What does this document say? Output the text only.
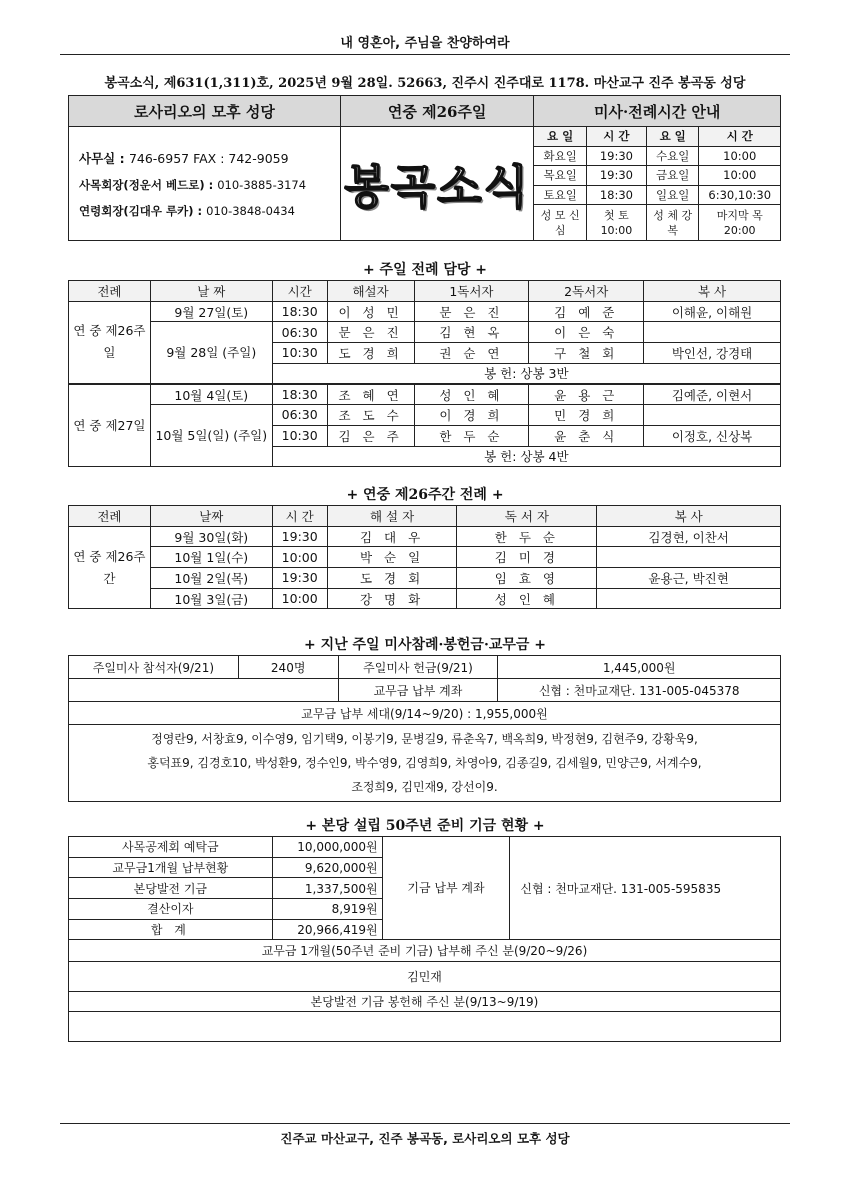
내 영혼아, 주님을 찬양하여라
봉곡소식, 제631(1,311)호, 2025년 9월 28일. 52663, 진주시 진주대로 1178. 마산교구 진주 봉곡동 성당
로사리오의 모후 성당	연중 제26주일	미사·전례시간 안내

사무실 : 746-6957 FAX : 742-9059
사목회장(정운서 베드로) : 010-3885-3174
연령회장(김대우 루카) : 010-3848-0434	봉곡소식	
요 일	시 간	요 일	시 간
화요일	19:30	수요일	10:00
목요일	19:30	금요일	10:00
토요일	18:30	일요일	6:30,10:30
성 모 신 심	첫 토 10:00	성 체 강 복	마지막 목 20:00
+ 주일 전례 담당 +
전례	날 짜	시간	해설자	1독서자	2독서자	복 사
연 중 제26주일	9월 27일(토)	18:30	이 성 민	문 은 진	김 예 준	이해윤, 이해원
	9월 28일 (주일)	06:30	문 은 진	김 현 옥	이 은 숙	
		10:30	도 경 희	권 순 연	구 철 회	박인선, 강경태
		봉 헌: 상봉 3반				
연 중 제27일	10월 4일(토)	18:30	조 혜 연	성 인 혜	윤 용 근	김예준, 이현서
	10월 5일(일) (주일)	06:30	조 도 수	이 경 희	민 경 희	
		10:30	김 은 주	한 두 순	윤 춘 식	이정호, 신상복
		봉 헌: 상봉 4반				
+ 연중 제26주간 전례 +
전례	날짜	시 간	해 설 자	독 서 자	복 사
연 중 제26주간	9월 30일(화)	19:30	김 대 우	한 두 순	김경현, 이찬서
	10월 1일(수)	10:00	박 순 일	김 미 경	
	10월 2일(목)	19:30	도 경 회	임 효 영	윤용근, 박진현
	10월 3일(금)	10:00	강 명 화	성 인 혜	
+ 지난 주일 미사참례·봉헌금·교무금 +
주일미사 참석자(9/21)	240명	주일미사 헌금(9/21)	1,445,000원
		교무금 납부 계좌	신협 : 천마교재단. 131-005-045378
교무금 납부 세대(9/14~9/20) : 1,955,000원			

정영란9, 서창효9, 이수영9, 임기택9, 이봉기9, 문병길9, 류춘옥7, 백옥희9, 박정현9, 김현주9, 강황욱9,
홍덕표9, 김경호10, 박성환9, 정수인9, 박수영9, 김영희9, 차영아9, 김종길9, 김세월9, 민양근9, 서계수9,
조정희9, 김민재9, 강선이9.			
+ 본당 설립 50주년 준비 기금 현황 +
사목공제회 예탁금	10,000,000원	기금 납부 계좌	신협 : 천마교재단. 131-005-595835
교무금1개월 납부현황	9,620,000원		
본당발전 기금	1,337,500원		
결산이자	8,919원		
합 계	20,966,419원		
교무금 1개월(50주년 준비 기금) 납부해 주신 분(9/20~9/26)			
김민재			
본당발전 기금 봉헌해 주신 분(9/13~9/19)			

진주교 마산교구, 진주 봉곡동, 로사리오의 모후 성당
